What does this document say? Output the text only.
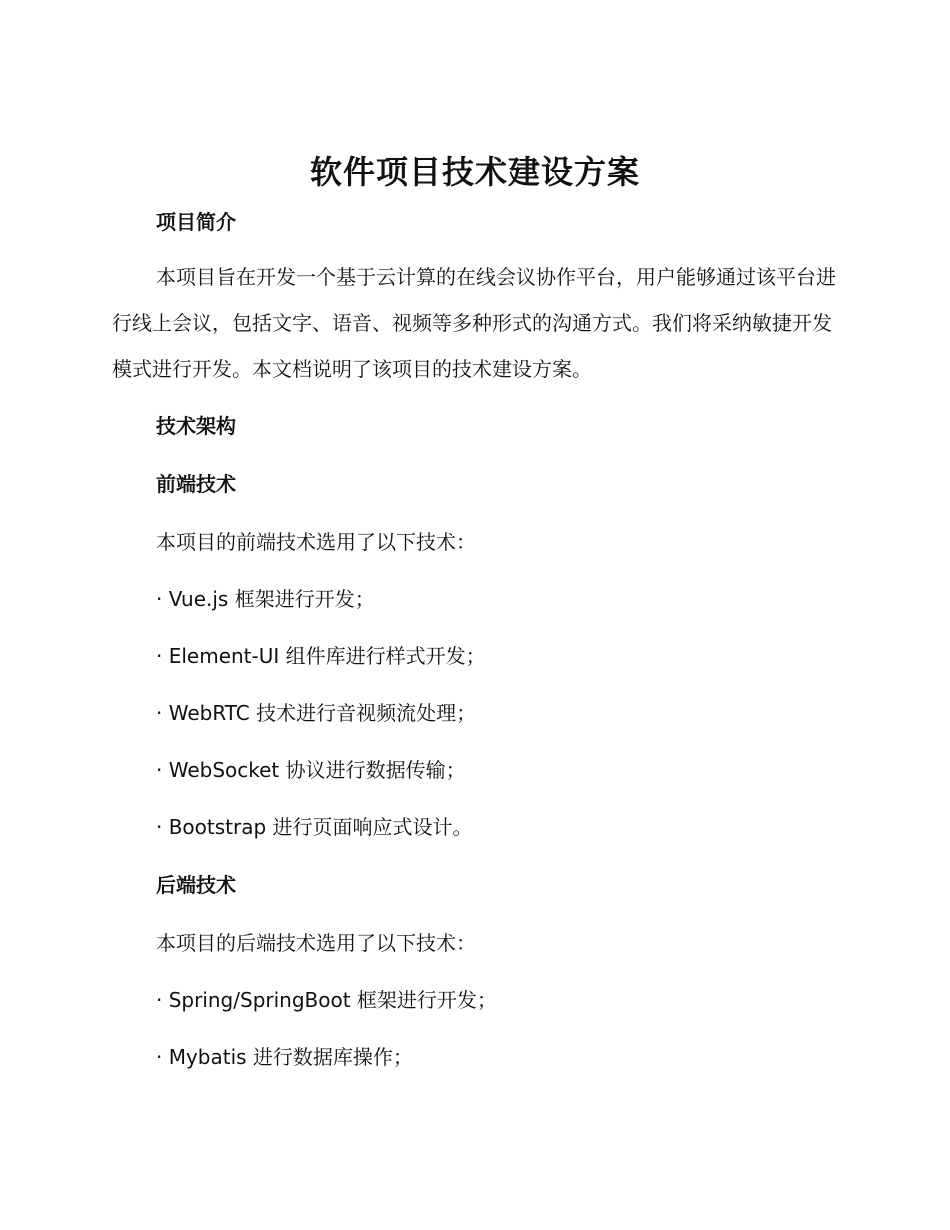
软件项目技术建设方案
项目简介

本项目旨在开发一个基于云计算的在线会议协作平台，用户能够通过该平台进行线上会议，包括文字、语音、视频等多种形式的沟通方式。我们将采纳敏捷开发模式进行开发。本文档说明了该项目的技术建设方案。

技术架构
前端技术

本项目的前端技术选用了以下技术：

· Vue.js 框架进行开发；

· Element-UI 组件库进行样式开发；

· WebRTC 技术进行音视频流处理；

· WebSocket 协议进行数据传输；

· Bootstrap 进行页面响应式设计。

后端技术

本项目的后端技术选用了以下技术：

· Spring/SpringBoot 框架进行开发；

· Mybatis 进行数据库操作；
